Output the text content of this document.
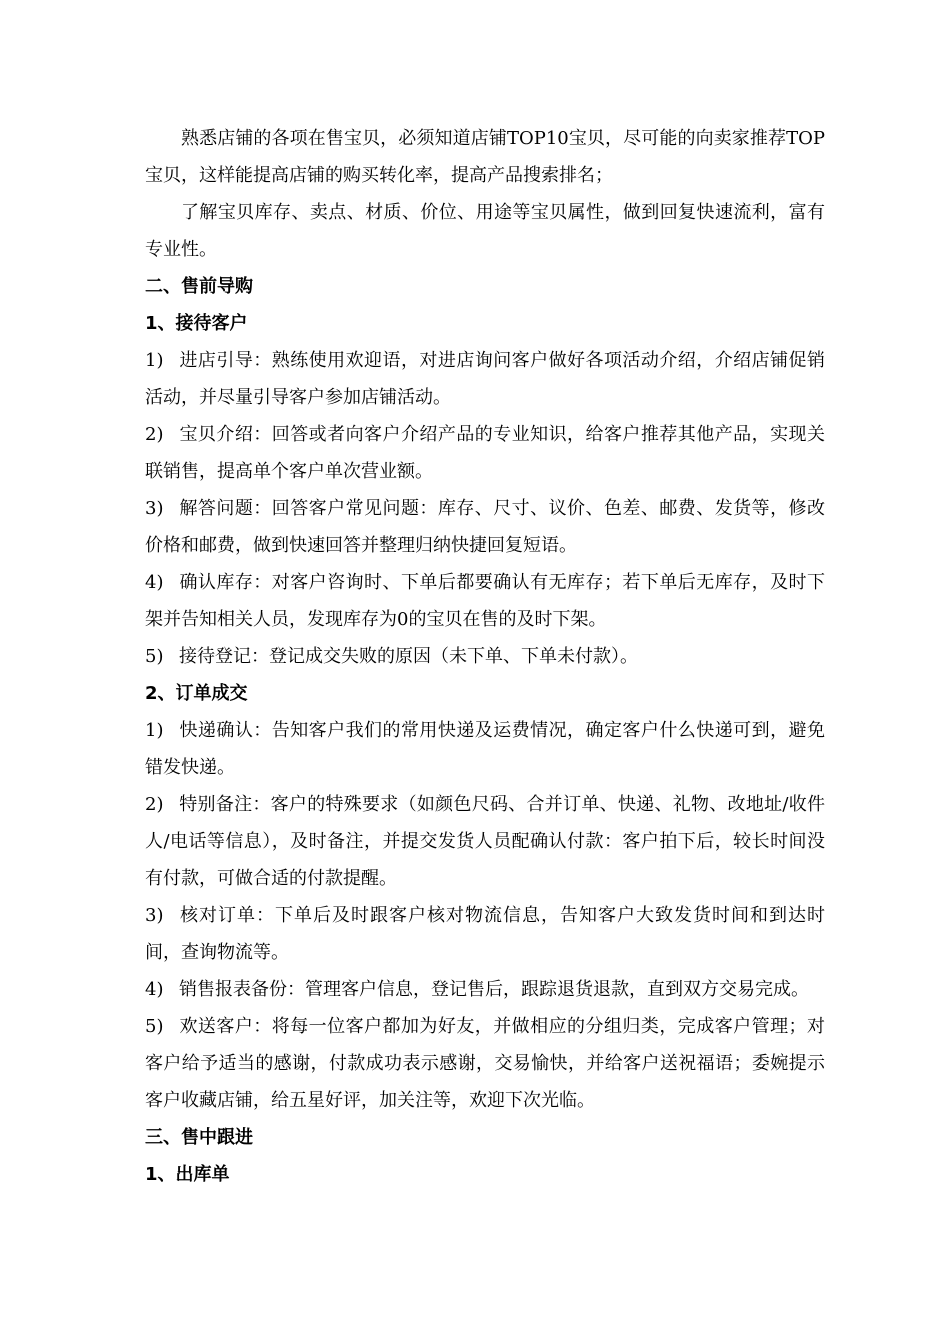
熟悉店铺的各项在售宝贝，必须知道店铺TOP10宝贝，尽可能的向卖家推荐TOP宝贝，这样能提高店铺的购买转化率，提高产品搜索排名；

了解宝贝库存、卖点、材质、价位、用途等宝贝属性，做到回复快速流利，富有专业性。

二、售前导购

1、接待客户

1) 进店引导：熟练使用欢迎语，对进店询问客户做好各项活动介绍，介绍店铺促销活动，并尽量引导客户参加店铺活动。

2) 宝贝介绍：回答或者向客户介绍产品的专业知识，给客户推荐其他产品，实现关联销售，提高单个客户单次营业额。

3) 解答问题：回答客户常见问题：库存、尺寸、议价、色差、邮费、发货等，修改价格和邮费，做到快速回答并整理归纳快捷回复短语。

4) 确认库存：对客户咨询时、下单后都要确认有无库存；若下单后无库存，及时下架并告知相关人员，发现库存为0的宝贝在售的及时下架。

5) 接待登记：登记成交失败的原因（未下单、下单未付款）。

2、订单成交

1) 快递确认：告知客户我们的常用快递及运费情况，确定客户什么快递可到，避免错发快递。

2) 特别备注：客户的特殊要求（如颜色尺码、合并订单、快递、礼物、改地址/收件人/电话等信息），及时备注，并提交发货人员配确认付款：客户拍下后，较长时间没有付款，可做合适的付款提醒。

3) 核对订单：下单后及时跟客户核对物流信息，告知客户大致发货时间和到达时间，查询物流等。

4) 销售报表备份：管理客户信息，登记售后，跟踪退货退款，直到双方交易完成。

5) 欢送客户：将每一位客户都加为好友，并做相应的分组归类，完成客户管理；对客户给予适当的感谢，付款成功表示感谢，交易愉快，并给客户送祝福语；委婉提示客户收藏店铺，给五星好评，加关注等，欢迎下次光临。

三、售中跟进

1、出库单
